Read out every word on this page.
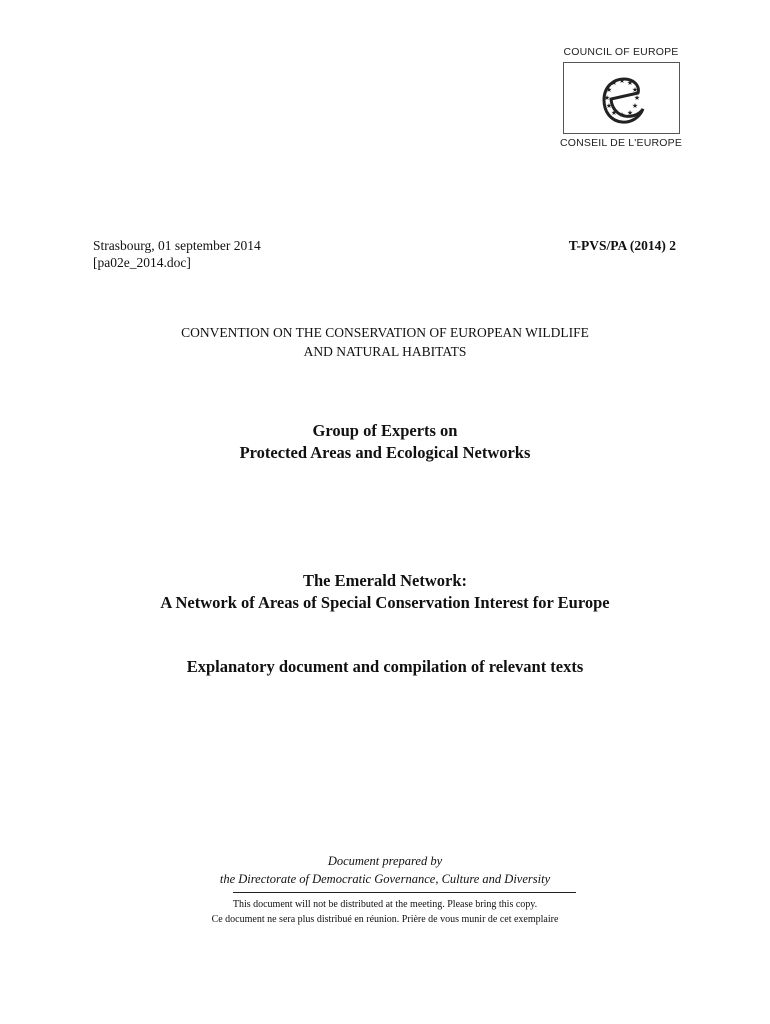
COUNCIL OF EUROPE
★ ★
★
★
★
★
★
★
★
★
★
★
CONSEIL DE L'EUROPE
Strasbourg, 01 september 2014
[pa02e_2014.doc]
T-PVS/PA (2014) 2
CONVENTION ON THE CONSERVATION OF EUROPEAN WILDLIFE
AND NATURAL HABITATS
Group of Experts on
Protected Areas and Ecological Networks
The Emerald Network:
A Network of Areas of Special Conservation Interest for Europe
Explanatory document and compilation of relevant texts
Document prepared by
the Directorate of Democratic Governance, Culture and Diversity
This document will not be distributed at the meeting. Please bring this copy.
Ce document ne sera plus distribué en réunion. Prière de vous munir de cet exemplaire
